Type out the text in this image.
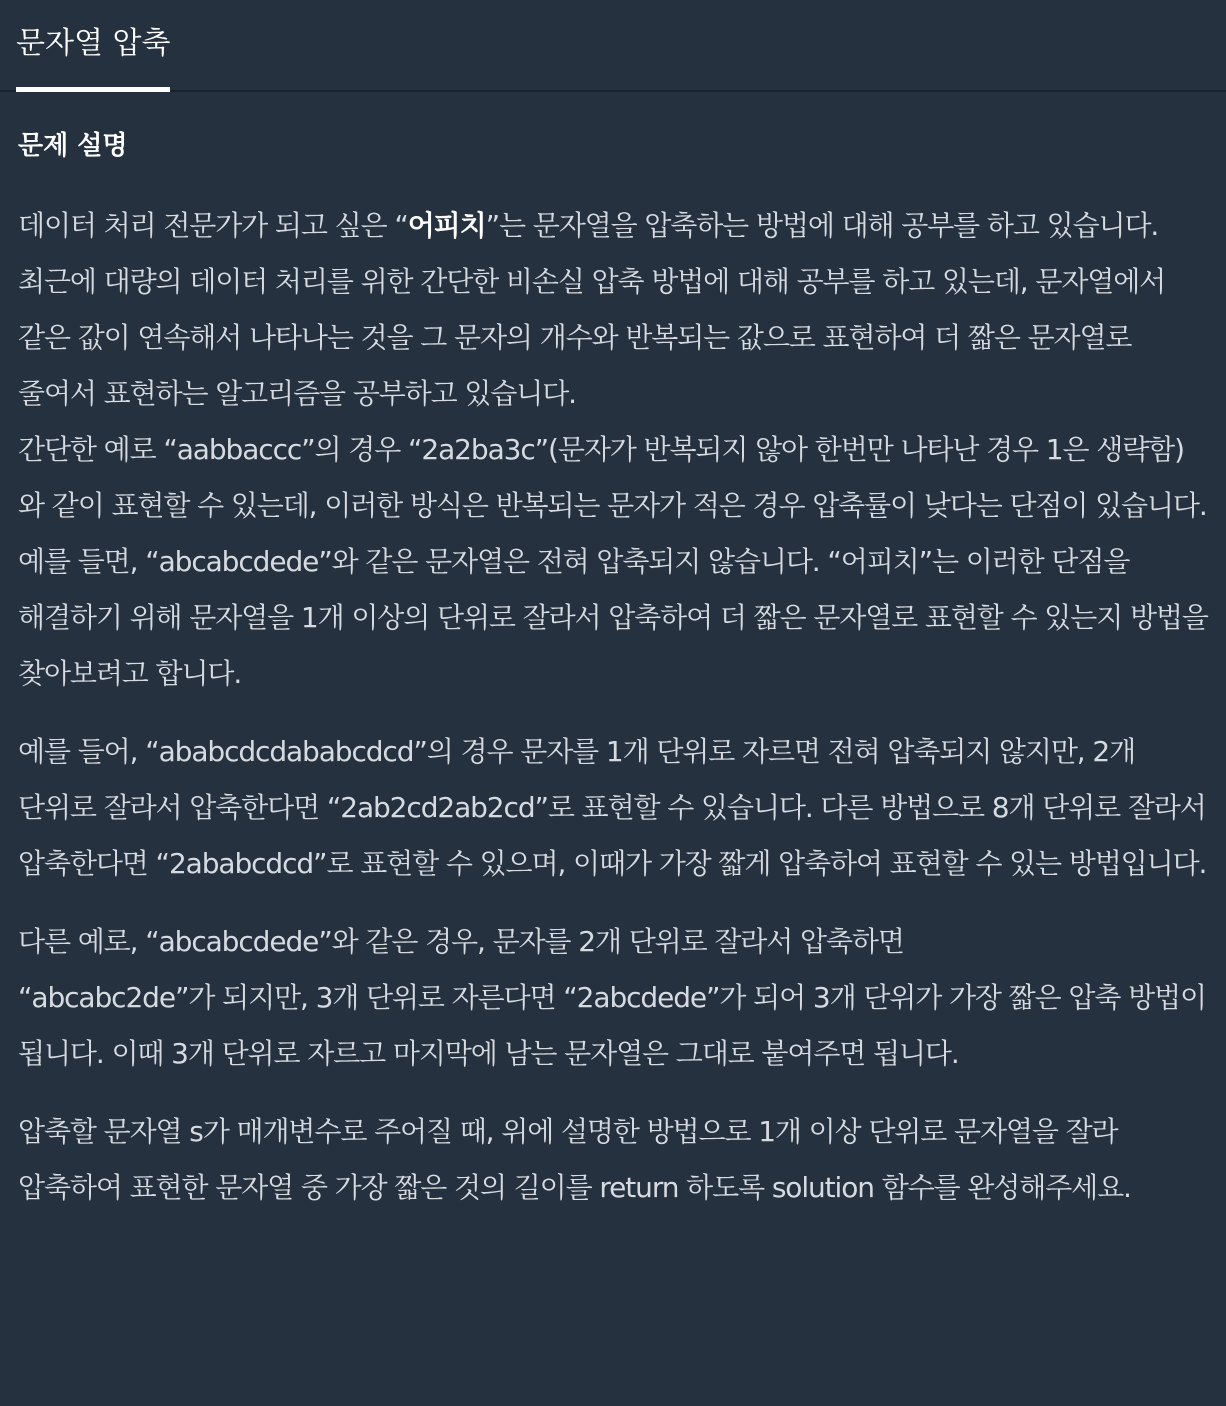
문자열 압축
문제 설명

데이터 처리 전문가가 되고 싶은 “어피치”는 문자열을 압축하는 방법에 대해 공부를 하고 있습니다. 최근에 대량의 데이터 처리를 위한 간단한 비손실 압축 방법에 대해 공부를 하고 있는데, 문자열에서 같은 값이 연속해서 나타나는 것을 그 문자의 개수와 반복되는 값으로 표현하여 더 짧은 문자열로 줄여서 표현하는 알고리즘을 공부하고 있습니다.
간단한 예로 “aabbaccc”의 경우 “2a2ba3c”(문자가 반복되지 않아 한번만 나타난 경우 1은 생략함)와 같이 표현할 수 있는데, 이러한 방식은 반복되는 문자가 적은 경우 압축률이 낮다는 단점이 있습니다. 예를 들면, “abcabcdede”와 같은 문자열은 전혀 압축되지 않습니다. “어피치”는 이러한 단점을 해결하기 위해 문자열을 1개 이상의 단위로 잘라서 압축하여 더 짧은 문자열로 표현할 수 있는지 방법을 찾아보려고 합니다.

예를 들어, “ababcdcdababcdcd”의 경우 문자를 1개 단위로 자르면 전혀 압축되지 않지만, 2개 단위로 잘라서 압축한다면 “2ab2cd2ab2cd”로 표현할 수 있습니다. 다른 방법으로 8개 단위로 잘라서 압축한다면 “2ababcdcd”로 표현할 수 있으며, 이때가 가장 짧게 압축하여 표현할 수 있는 방법입니다.

다른 예로, “abcabcdede”와 같은 경우, 문자를 2개 단위로 잘라서 압축하면
“abcabc2de”가 되지만, 3개 단위로 자른다면 “2abcdede”가 되어 3개 단위가 가장 짧은 압축 방법이 됩니다. 이때 3개 단위로 자르고 마지막에 남는 문자열은 그대로 붙여주면 됩니다.

압축할 문자열 s가 매개변수로 주어질 때, 위에 설명한 방법으로 1개 이상 단위로 문자열을 잘라 압축하여 표현한 문자열 중 가장 짧은 것의 길이를 return 하도록 solution 함수를 완성해주세요.
